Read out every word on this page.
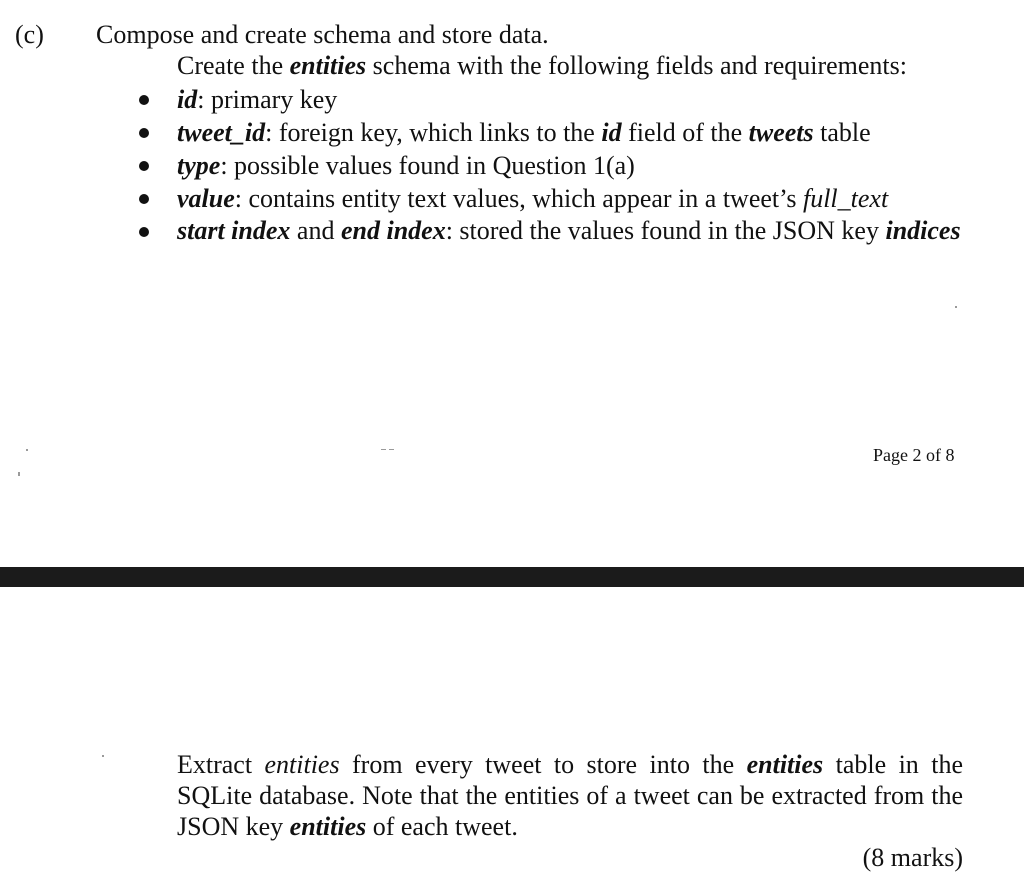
(c) Compose and create schema and store data.
Create the entities schema with the following fields and requirements:
id: primary key
tweet_id: foreign key, which links to the id field of the tweets table
type: possible values found in Question 1(a)
value: contains entity text values, which appear in a tweet’s full_text
start index and end index: stored the values found in the JSON key indices
Page 2 of 8
Extract entities from every tweet to store into the entities table in the SQLite database. Note that the entities of a tweet can be extracted from the JSON key entities of each tweet.
(8 marks)
